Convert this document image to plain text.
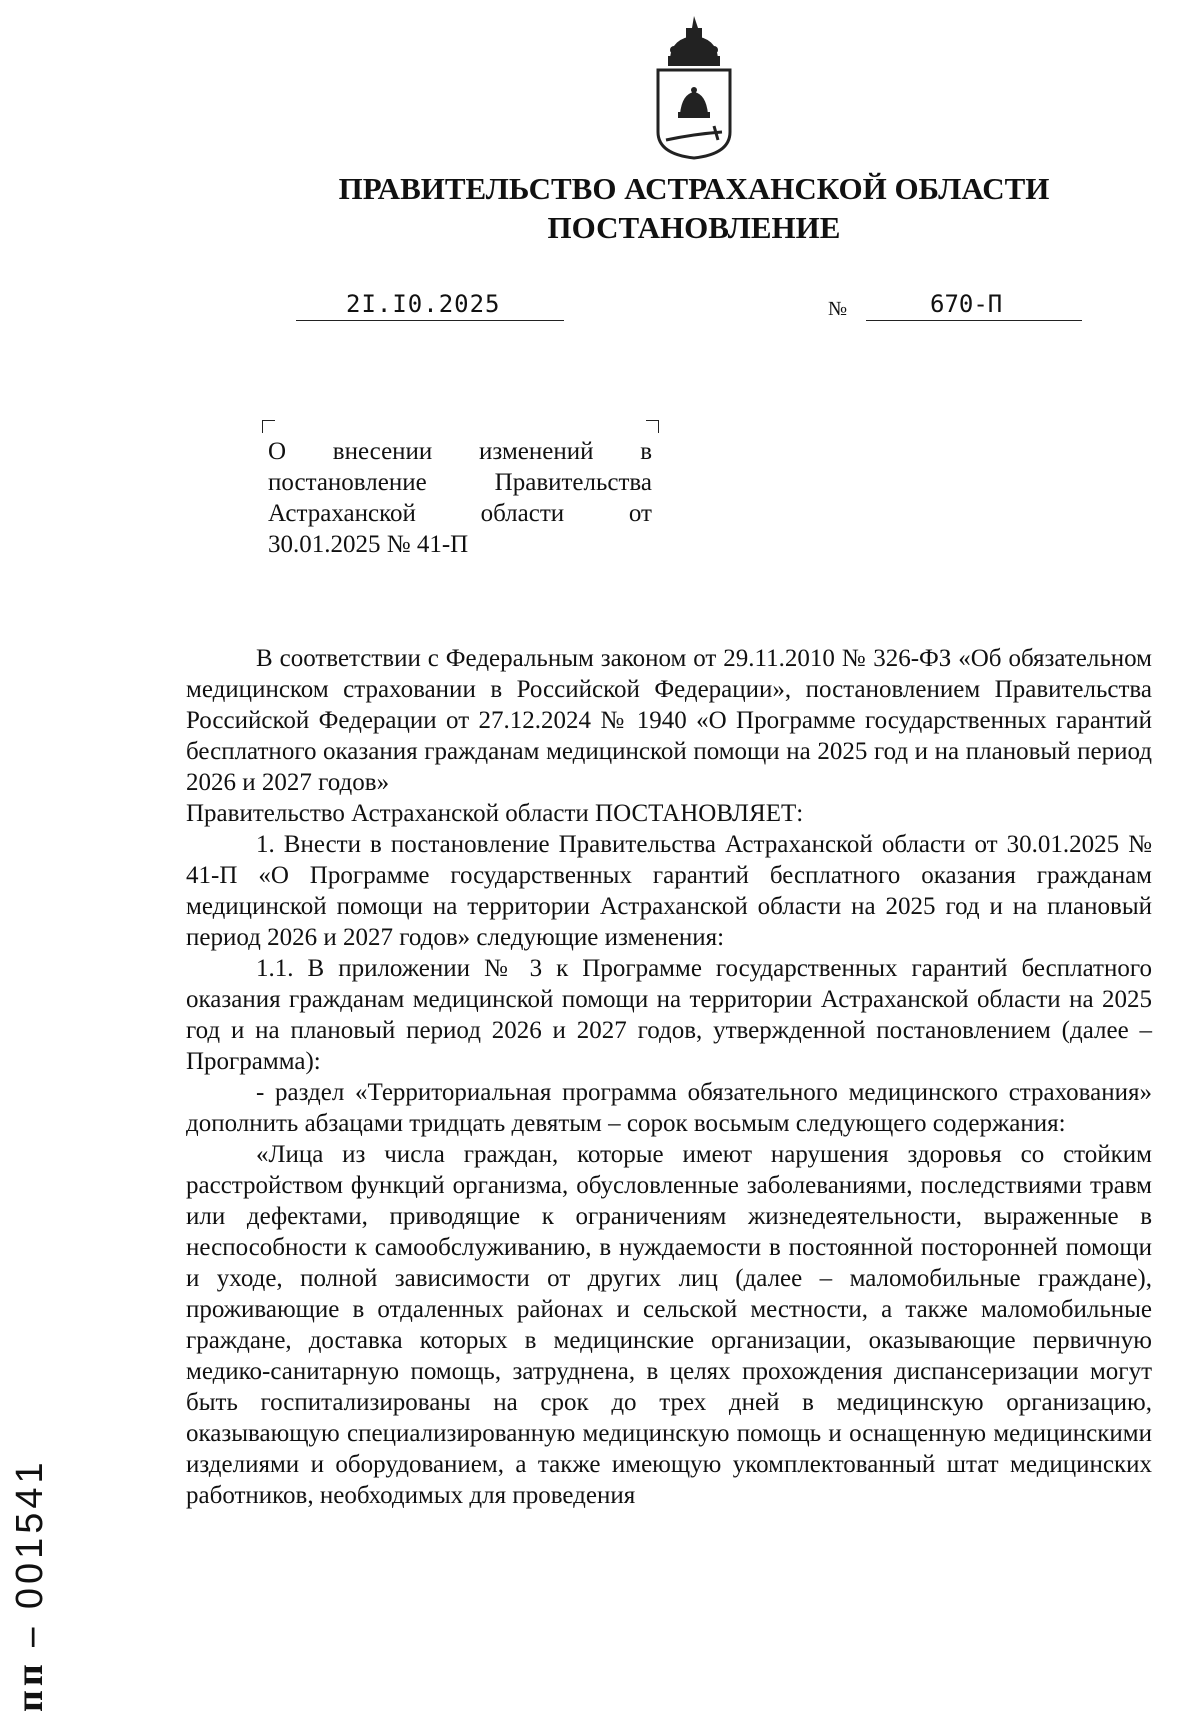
ПРАВИТЕЛЬСТВО АСТРАХАНСКОЙ ОБЛАСТИ
ПОСТАНОВЛЕНИЕ
2I.I0.2025	№	670-П
О внесении изменений в постановление Правительства Астраханской области от 30.01.2025 № 41-П

В соответствии с Федеральным законом от 29.11.2010 № 326-ФЗ «Об обязательном медицинском страховании в Российской Федерации», постановлением Правительства Российской Федерации от 27.12.2024 № 1940 «О Программе государственных гарантий бесплатного оказания гражданам медицинской помощи на 2025 год и на плановый период 2026 и 2027 годов»

Правительство Астраханской области ПОСТАНОВЛЯЕТ:

1. Внести в постановление Правительства Астраханской области от 30.01.2025 № 41-П «О Программе государственных гарантий бесплатного оказания гражданам медицинской помощи на территории Астраханской области на 2025 год и на плановый период 2026 и 2027 годов» следующие изменения:

1.1. В приложении № 3 к Программе государственных гарантий бесплатного оказания гражданам медицинской помощи на территории Астраханской области на 2025 год и на плановый период 2026 и 2027 годов, утвержденной постановлением (далее – Программа):

- раздел «Территориальная программа обязательного медицинского страхования» дополнить абзацами тридцать девятым – сорок восьмым следующего содержания:

«Лица из числа граждан, которые имеют нарушения здоровья со стойким расстройством функций организма, обусловленные заболеваниями, последствиями травм или дефектами, приводящие к ограничениям жизнедеятельности, выраженные в неспособности к самообслуживанию, в нуждаемости в постоянной посторонней помощи и уходе, полной зависимости от других лиц (далее – маломобильные граждане), проживающие в отдаленных районах и сельской местности, а также маломобильные граждане, доставка которых в медицинские организации, оказывающие первичную медико-санитарную помощь, затруднена, в целях прохождения диспансеризации могут быть госпитализированы на срок до трех дней в медицинскую организацию, оказывающую специализированную медицинскую помощь и оснащенную медицинскими изделиями и оборудованием, а также имеющую укомплектованный штат медицинских работников, необходимых для проведения

пп – 001541
